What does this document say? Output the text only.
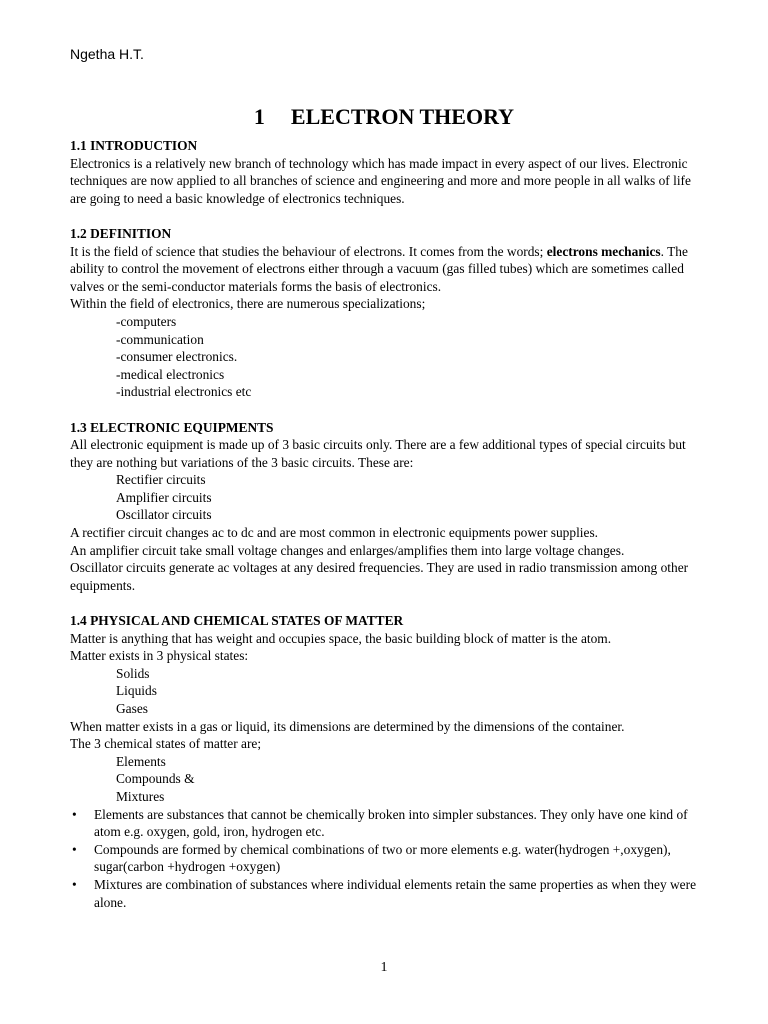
Ngetha H.T.
1 ELECTRON THEORY
1.1 INTRODUCTION

Electronics is a relatively new branch of technology which has made impact in every aspect of our lives. Electronic techniques are now applied to all branches of science and engineering and more and more people in all walks of life are going to need a basic knowledge of electronics techniques.

1.2 DEFINITION

It is the field of science that studies the behaviour of electrons. It comes from the words; electrons mechanics. The ability to control the movement of electrons either through a vacuum (gas filled tubes) which are sometimes called valves or the semi-conductor materials forms the basis of electronics.

Within the field of electronics, there are numerous specializations;

-computers
-communication
-consumer electronics.
-medical electronics
-industrial electronics etc
1.3 ELECTRONIC EQUIPMENTS

All electronic equipment is made up of 3 basic circuits only. There are a few additional types of special circuits but they are nothing but variations of the 3 basic circuits. These are:

Rectifier circuits
Amplifier circuits
Oscillator circuits

A rectifier circuit changes ac to dc and are most common in electronic equipments power supplies.

An amplifier circuit take small voltage changes and enlarges/amplifies them into large voltage changes.

Oscillator circuits generate ac voltages at any desired frequencies. They are used in radio transmission among other equipments.

1.4 PHYSICAL AND CHEMICAL STATES OF MATTER

Matter is anything that has weight and occupies space, the basic building block of matter is the atom.

Matter exists in 3 physical states:

Solids
Liquids
Gases

When matter exists in a gas or liquid, its dimensions are determined by the dimensions of the container.

The 3 chemical states of matter are;

Elements
Compounds &
Mixtures
• Elements are substances that cannot be chemically broken into simpler substances. They only have one kind of atom e.g. oxygen, gold, iron, hydrogen etc.
• Compounds are formed by chemical combinations of two or more elements e.g. water(hydrogen +,oxygen), sugar(carbon +hydrogen +oxygen)
• Mixtures are combination of substances where individual elements retain the same properties as when they were alone.
1
